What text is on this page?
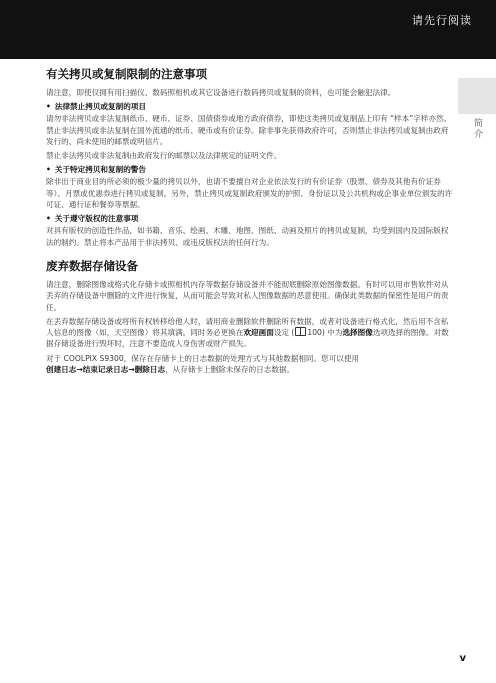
请先行阅读
简介
有关拷贝或复制限制的注意事项

请注意，即使仅拥有用扫描仪、数码照相机或其它设备进行数码拷贝或复制的资料，也可能会触犯法律。

• 法律禁止拷贝或复制的项目

请勿非法拷贝或非法复制纸币、硬币、证券、国债债券或地方政府债券，即使这类拷贝或复制品上印有 “样本”字样亦然。禁止非法拷贝或非法复制在国外流通的纸币、硬币或有价证券。除非事先获得政府许可，否则禁止非法拷贝或复制由政府发行的、尚未使用的邮票或明信片。

禁止非法拷贝或非法复制由政府发行的邮票以及法律规定的证明文件。

• 关于特定拷贝和复制的警告

除非出于商业目的所必须的极少量的拷贝以外，也请不要擅自对企业依法发行的有价证券（股票、债券及其他有价证券等）、月票或优惠券进行拷贝或复制。另外，禁止拷贝或复制政府颁发的护照、身份证以及公共机构或企事业单位颁发的许可证、通行证和餐券等票据。

• 关于遵守版权的注意事项

对具有版权的创造性作品，如书籍、音乐、绘画、木雕、地图、图纸、动画及照片的拷贝或复制，均受到国内及国际版权法的制约。禁止将本产品用于非法拷贝、或违反版权法的任何行为。

废弃数据存储设备

请注意，删除图像或格式化存储卡或照相机内存等数据存储设备并不能彻底删除原始图像数据。有时可以用市售软件对从丢弃的存储设备中删除的文件进行恢复，从而可能会导致对私人图像数据的恶意使用。确保此类数据的保密性是用户的责任。

在丢弃数据存储设备或将所有权转移给他人时，请用商业删除软件删除所有数据，或者对设备进行格式化，然后用不含私人信息的图像（如，天空图像）将其填满。同时务必更换在欢迎画面设定 ( 100) 中为选择图像选项选择的图像。对数据存储设备进行毁坏时，注意不要造成人身伤害或财产损失。

对于 COOLPIX S9300，保存在存储卡上的日志数据的处理方式与其他数据相同。您可以使用
创建日志→结束记录日志→删除日志，从存储卡上删除未保存的日志数据。

v
